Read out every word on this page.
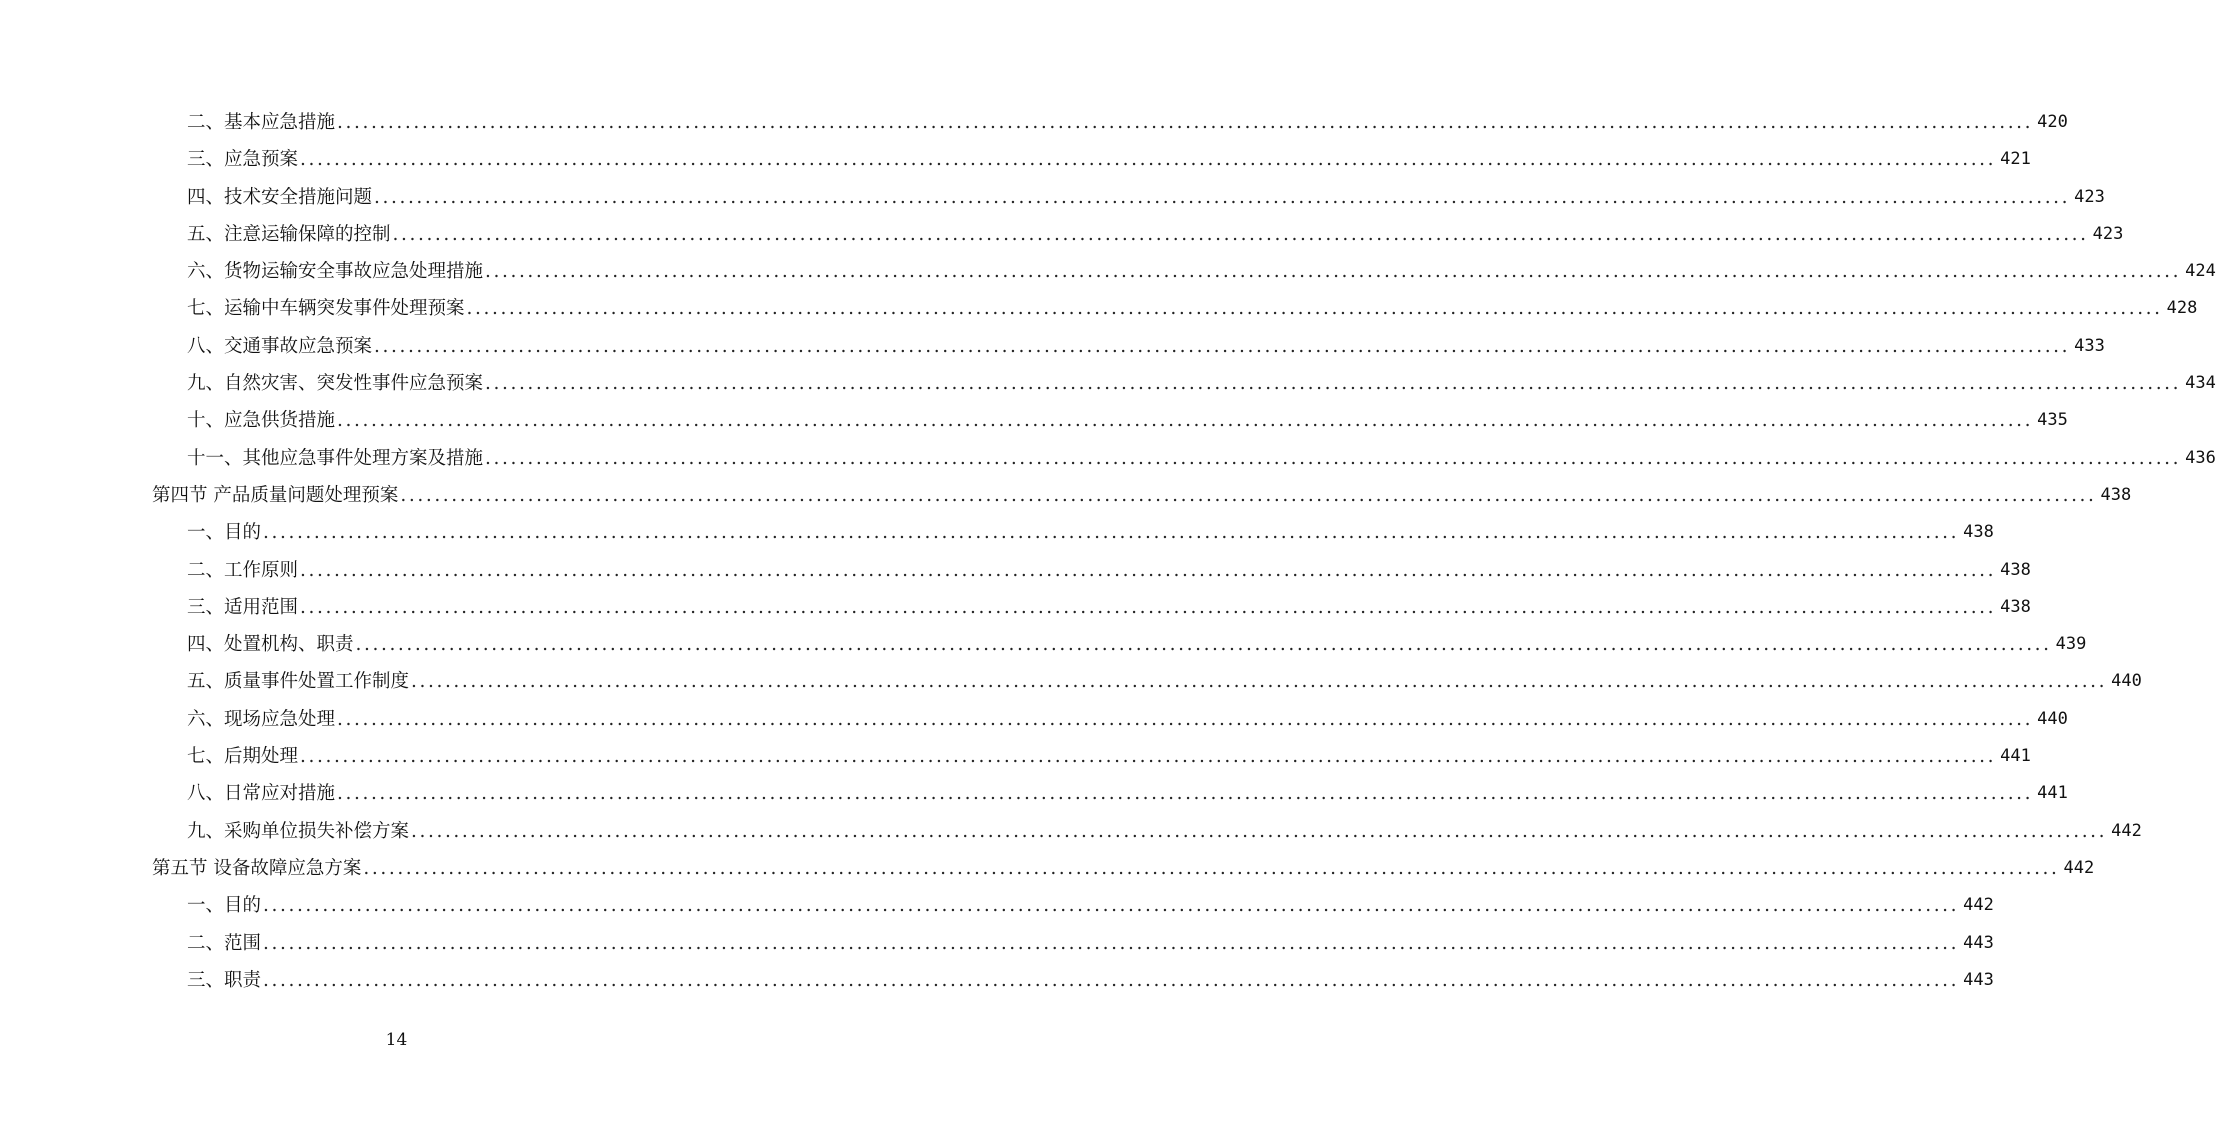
二、基本应急措施 ........................................................................................................................................................................................................ 420
三、应急预案 ........................................................................................................................................................................................................ 421
四、技术安全措施问题 ........................................................................................................................................................................................................ 423
五、注意运输保障的控制 ........................................................................................................................................................................................................ 423
六、货物运输安全事故应急处理措施 ........................................................................................................................................................................................................ 424
七、运输中车辆突发事件处理预案 ........................................................................................................................................................................................................ 428
八、交通事故应急预案 ........................................................................................................................................................................................................ 433
九、自然灾害、突发性事件应急预案 ........................................................................................................................................................................................................ 434
十、应急供货措施 ........................................................................................................................................................................................................ 435
十一、其他应急事件处理方案及措施 ........................................................................................................................................................................................................ 436
第四节 产品质量问题处理预案 ........................................................................................................................................................................................................ 438
一、目的 ........................................................................................................................................................................................................ 438
二、工作原则 ........................................................................................................................................................................................................ 438
三、适用范围 ........................................................................................................................................................................................................ 438
四、处置机构、职责 ........................................................................................................................................................................................................ 439
五、质量事件处置工作制度 ........................................................................................................................................................................................................ 440
六、现场应急处理 ........................................................................................................................................................................................................ 440
七、后期处理 ........................................................................................................................................................................................................ 441
八、日常应对措施 ........................................................................................................................................................................................................ 441
九、采购单位损失补偿方案 ........................................................................................................................................................................................................ 442
第五节 设备故障应急方案 ........................................................................................................................................................................................................ 442
一、目的 ........................................................................................................................................................................................................ 442
二、范围 ........................................................................................................................................................................................................ 443
三、职责 ........................................................................................................................................................................................................ 443
14
